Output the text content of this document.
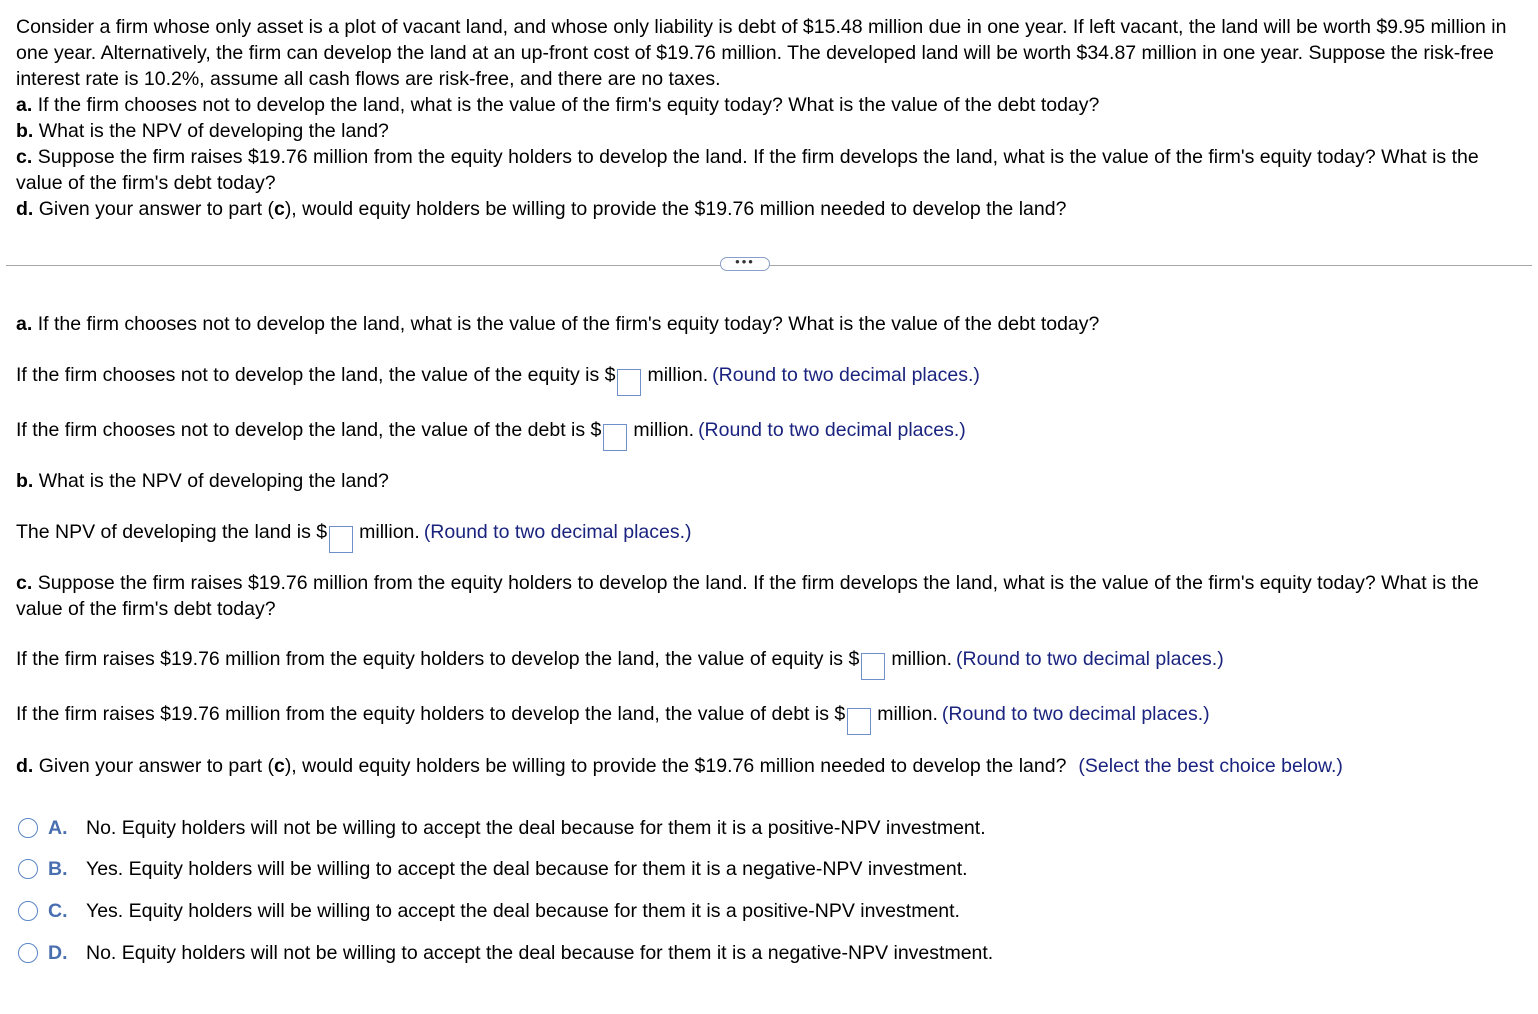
Consider a firm whose only asset is a plot of vacant land, and whose only liability is debt of $15.48 million due in one year. If left vacant, the land will be worth $9.95 million in one year. Alternatively, the firm can develop the land at an up-front cost of $19.76 million. The developed land will be worth $34.87 million in one year. Suppose the risk-free interest rate is 10.2%, assume all cash flows are risk-free, and there are no taxes.

a. If the firm chooses not to develop the land, what is the value of the firm's equity today? What is the value of the debt today?

b. What is the NPV of developing the land?

c. Suppose the firm raises $19.76 million from the equity holders to develop the land. If the firm develops the land, what is the value of the firm's equity today? What is the value of the firm's debt today?

d. Given your answer to part (c), would equity holders be willing to provide the $19.76 million needed to develop the land?

•••
a. If the firm chooses not to develop the land, what is the value of the firm's equity today? What is the value of the debt today?
If the firm chooses not to develop the land, the value of the equity is $ million. (Round to two decimal places.)
If the firm chooses not to develop the land, the value of the debt is $ million. (Round to two decimal places.)
b. What is the NPV of developing the land?
The NPV of developing the land is $ million. (Round to two decimal places.)
c. Suppose the firm raises $19.76 million from the equity holders to develop the land. If the firm develops the land, what is the value of the firm's equity today? What is the value of the firm's debt today?
If the firm raises $19.76 million from the equity holders to develop the land, the value of equity is $ million. (Round to two decimal places.)
If the firm raises $19.76 million from the equity holders to develop the land, the value of debt is $ million. (Round to two decimal places.)
d. Given your answer to part (c), would equity holders be willing to provide the $19.76 million needed to develop the land? (Select the best choice below.)
A. No. Equity holders will not be willing to accept the deal because for them it is a positive-NPV investment.
B. Yes. Equity holders will be willing to accept the deal because for them it is a negative-NPV investment.
C. Yes. Equity holders will be willing to accept the deal because for them it is a positive-NPV investment.
D. No. Equity holders will not be willing to accept the deal because for them it is a negative-NPV investment.
